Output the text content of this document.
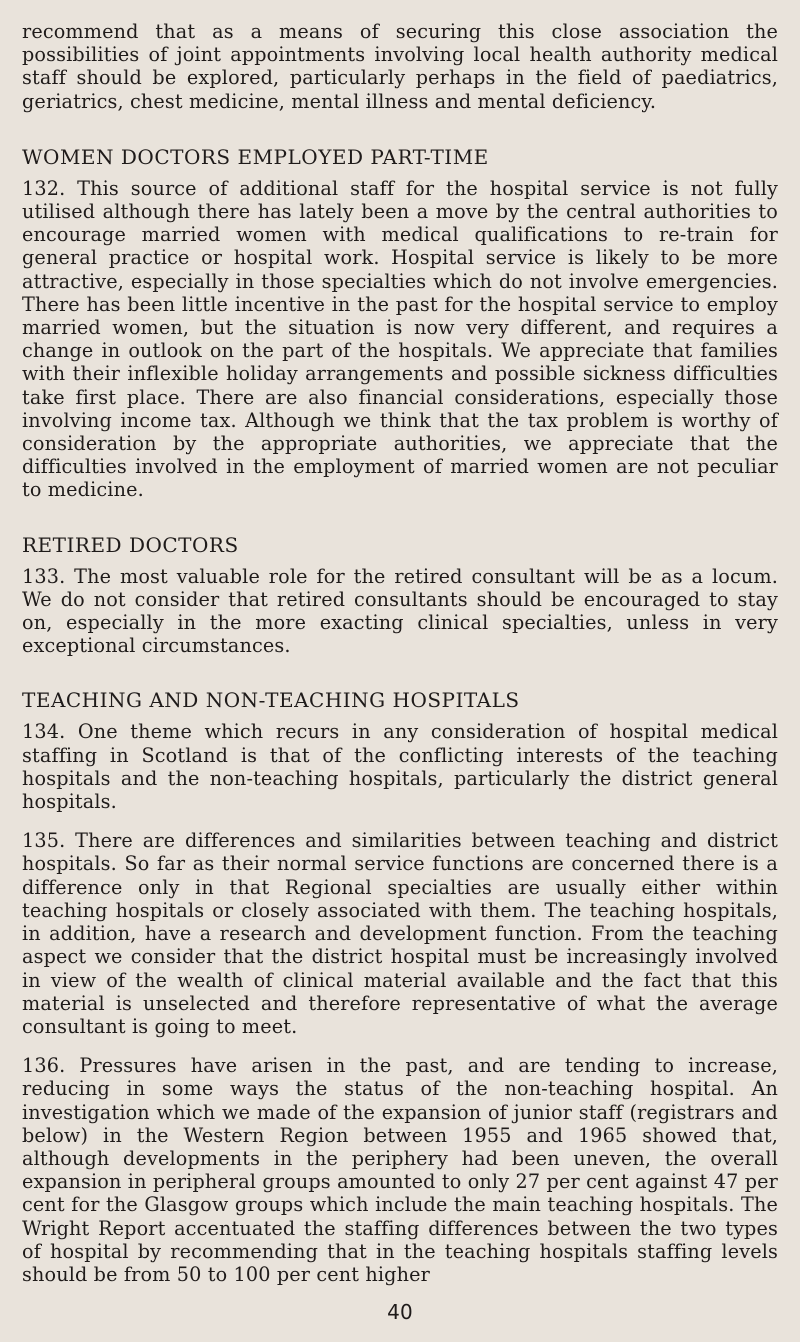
recommend that as a means of securing this close association the possibilities of joint appointments involving local health authority medical staff should be explored, particularly perhaps in the field of paediatrics, geriatrics, chest medicine, mental illness and mental deficiency.

WOMEN DOCTORS EMPLOYED PART-TIME

132. This source of additional staff for the hospital service is not fully utilised although there has lately been a move by the central authorities to encourage married women with medical qualifications to re-train for general practice or hospital work. Hospital service is likely to be more attractive, especially in those specialties which do not involve emergencies. There has been little incentive in the past for the hospital service to employ married women, but the situation is now very different, and requires a change in outlook on the part of the hospitals. We appreciate that families with their inflexible holiday arrangements and possible sickness difficulties take first place. There are also financial considerations, especially those involving income tax. Although we think that the tax problem is worthy of consideration by the appropriate authorities, we appreciate that the difficulties involved in the employment of married women are not peculiar to medicine.

RETIRED DOCTORS

133. The most valuable role for the retired consultant will be as a locum. We do not consider that retired consultants should be encouraged to stay on, especially in the more exacting clinical specialties, unless in very exceptional circumstances.

TEACHING AND NON-TEACHING HOSPITALS

134. One theme which recurs in any consideration of hospital medical staffing in Scotland is that of the conflicting interests of the teaching hospitals and the non-teaching hospitals, particularly the district general hospitals.

135. There are differences and similarities between teaching and district hospitals. So far as their normal service functions are concerned there is a difference only in that Regional specialties are usually either within teaching hospitals or closely associated with them. The teaching hospitals, in addition, have a research and development function. From the teaching aspect we consider that the district hospital must be increasingly involved in view of the wealth of clinical material available and the fact that this material is unselected and therefore representative of what the average consultant is going to meet.

136. Pressures have arisen in the past, and are tending to increase, reducing in some ways the status of the non-teaching hospital. An investigation which we made of the expansion of junior staff (registrars and below) in the Western Region between 1955 and 1965 showed that, although developments in the periphery had been uneven, the overall expansion in peripheral groups amounted to only 27 per cent against 47 per cent for the Glasgow groups which include the main teaching hospitals. The Wright Report accentuated the staffing differences between the two types of hospital by recommending that in the teaching hospitals staffing levels should be from 50 to 100 per cent higher

40
